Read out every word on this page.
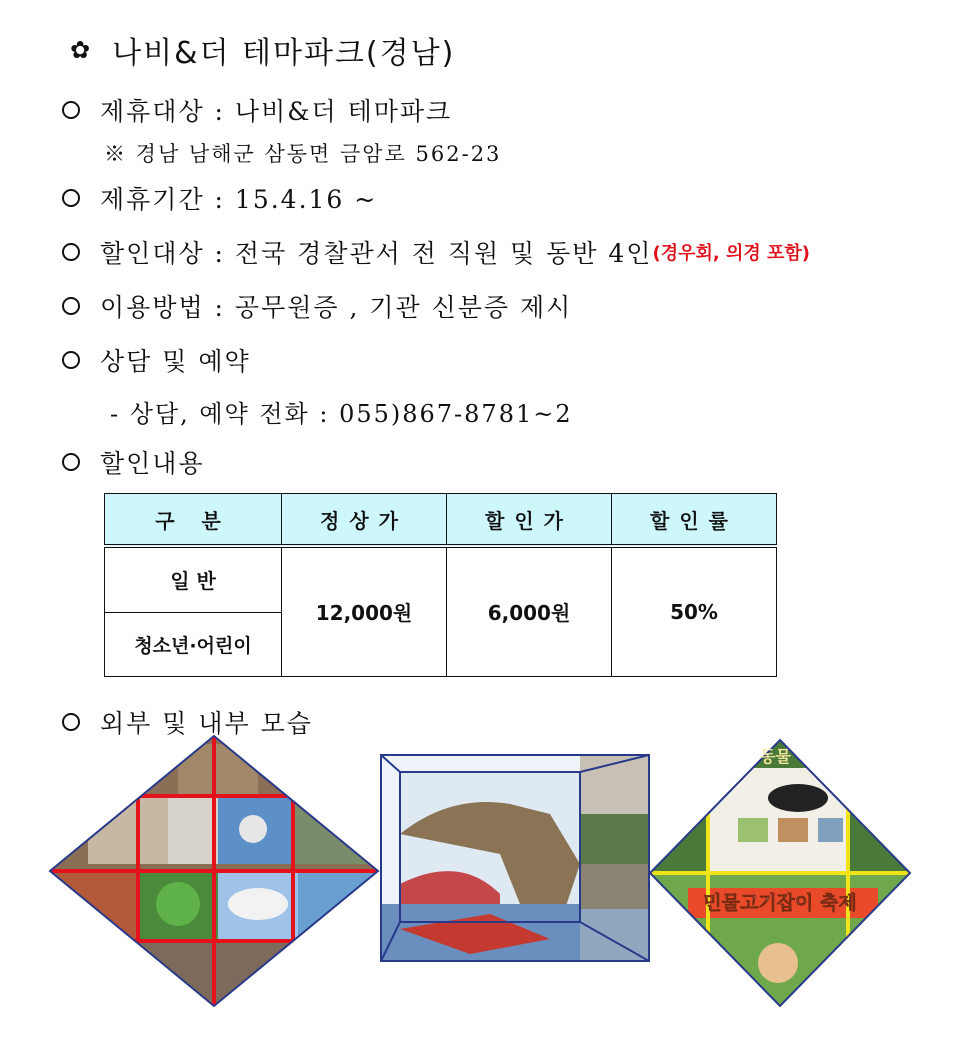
✿ 나비&더 테마파크(경남)
제휴대상 : 나비&더 테마파크
※ 경남 남해군 삼동면 금암로 562-23
제휴기간 : 15.4.16 ~
할인대상 : 전국 경찰관서 전 직원 및 동반 4인 (경우회, 의경 포함)
이용방법 : 공무원증 , 기관 신분증 제시
상담 및 예약
- 상담, 예약 전화 : 055)867-8781~2
할인내용
구 분	정상가	할인가	할인률
일 반	12,000원	6,000원	50%
청소년·어린이			
외부 및 내부 모습
동물
민물고기잡이 축제
